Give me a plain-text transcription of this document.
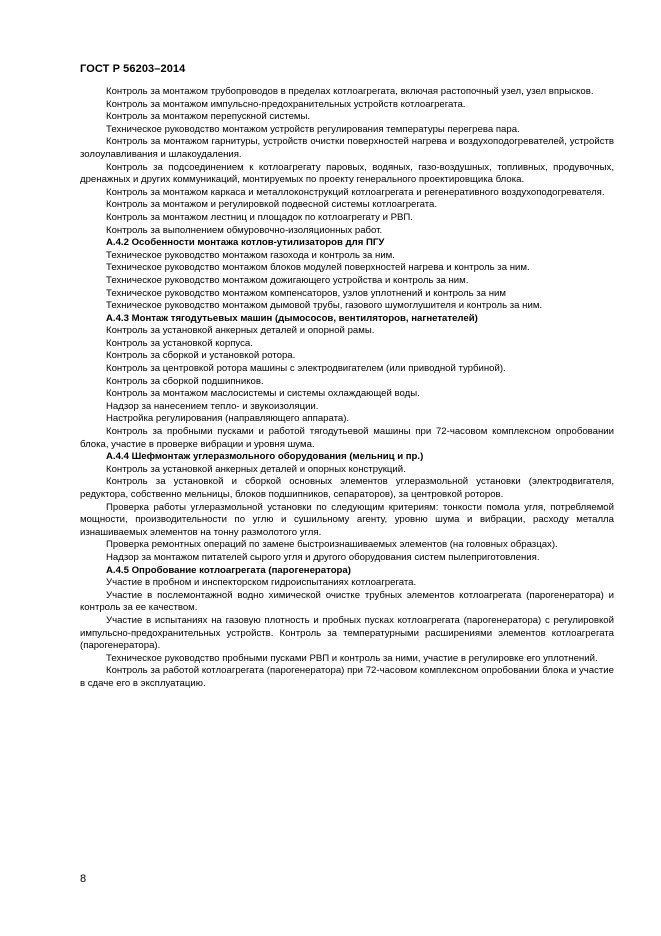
ГОСТ Р 56203–2014

Контроль за монтажом трубопроводов в пределах котлоагрегата, включая растопочный узел, узел впрысков.

Контроль за монтажом импульсно-предохранительных устройств котлоагрегата.

Контроль за монтажом перепускной системы.

Техническое руководство монтажом устройств регулирования температуры перегрева пара.

Контроль за монтажом гарнитуры, устройств очистки поверхностей нагрева и воздухоподогревателей, устройств золоулавливания и шлакоудаления.

Контроль за подсоединением к котлоагрегату паровых, водяных, газо-воздушных, топливных, продувочных, дренажных и других коммуникаций, монтируемых по проекту генерального проектировщика блока.

Контроль за монтажом каркаса и металлоконструкций котлоагрегата и регенеративного воздухоподогревателя.

Контроль за монтажом и регулировкой подвесной системы котлоагрегата.

Контроль за монтажом лестниц и площадок по котлоагрегату и РВП.

Контроль за выполнением обмуровочно-изоляционных работ.

А.4.2 Особенности монтажа котлов-утилизаторов для ПГУ

Техническое руководство монтажом газохода и контроль за ним.

Техническое руководство монтажом блоков модулей поверхностей нагрева и контроль за ним.

Техническое руководство монтажом дожигающего устройства и контроль за ним.

Техническое руководство монтажом компенсаторов, узлов уплотнений и контроль за ним

Техническое руководство монтажом дымовой трубы, газового шумоглушителя и контроль за ним.

А.4.3 Монтаж тягодутьевых машин (дымососов, вентиляторов, нагнетателей)

Контроль за установкой анкерных деталей и опорной рамы.

Контроль за установкой корпуса.

Контроль за сборкой и установкой ротора.

Контроль за центровкой ротора машины с электродвигателем (или приводной турбиной).

Контроль за сборкой подшипников.

Контроль за монтажом маслосистемы и системы охлаждающей воды.

Надзор за нанесением тепло- и звукоизоляции.

Настройка регулирования (направляющего аппарата).

Контроль за пробными пусками и работой тягодутьевой машины при 72-часовом комплексном опробовании блока, участие в проверке вибрации и уровня шума.

А.4.4 Шефмонтаж углеразмольного оборудования (мельниц и пр.)

Контроль за установкой анкерных деталей и опорных конструкций.

Контроль за установкой и сборкой основных элементов углеразмольной установки (электродвигателя, редуктора, собственно мельницы, блоков подшипников, сепараторов), за центровкой роторов.

Проверка работы углеразмольной установки по следующим критериям: тонкости помола угля, потребляемой мощности, производительности по углю и сушильному агенту, уровню шума и вибрации, расходу металла изнашиваемых элементов на тонну размолотого угля.

Проверка ремонтных операций по замене быстроизнашиваемых элементов (на головных образцах).

Надзор за монтажом питателей сырого угля и другого оборудования систем пылеприготовления.

А.4.5 Опробование котлоагрегата (парогенератора)

Участие в пробном и инспекторском гидроиспытаниях котлоагрегата.

Участие в послемонтажной водно химической очистке трубных элементов котлоагрегата (парогенератора) и контроль за ее качеством.

Участие в испытаниях на газовую плотность и пробных пусках котлоагрегата (парогенератора) с регулировкой импульсно-предохранительных устройств. Контроль за температурными расширениями элементов котлоагрегата (парогенератора).

Техническое руководство пробными пусками РВП и контроль за ними, участие в регулировке его уплотнений.

Контроль за работой котлоагрегата (парогенератора) при 72-часовом комплексном опробовании блока и участие в сдаче его в эксплуатацию.

8
